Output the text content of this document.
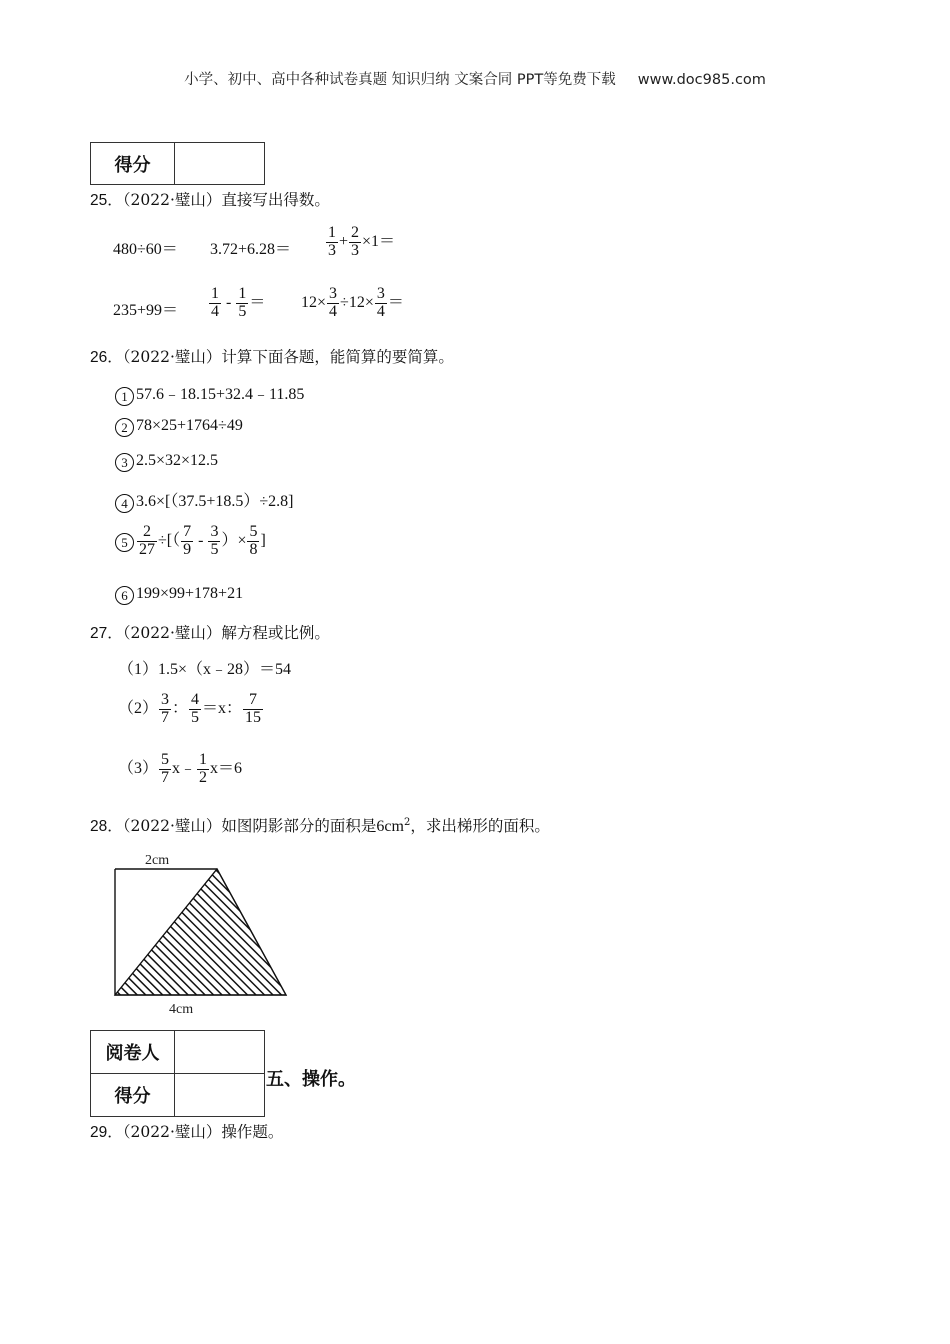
小学、初中、高中各种试卷真题 知识归纳 文案合同 PPT等免费下载 www.doc985.com
得分	
25．（2022·璧山）直接写出得数。
$480\div 60= 3.72+6.28= \frac{1}{3} + \frac{2}{3} \times 1=$
$235+99= \frac{1}{4} - \frac{1}{5} = 12\times \frac{3}{4} \div 12\times \frac{3}{4}$ ＝
26．（2022·璧山）计算下面各题，能简算的要简算。
1 57.6﹣18.15+32.4﹣11.85
2 78×25+1764÷49
3 2.5×32×12.5
4 3.6×[（37.5+18.5）÷2.8]
$5 \frac{2}{27}$ ÷[（ $\frac{7}{9} - \frac{3}{5}$ ）× $\frac{5}{8}$ ]
6 199×99+178+21
27．（2022·璧山）解方程或比例。
（1）1.5×（x﹣28）＝54
$(2) \frac{3}{7}$ ： $\frac{4}{5} =x$： $\frac{7}{15}$
$(3) \frac{5}{7}$ x﹣ $\frac{1}{2} x=6$
28．（2022·璧山）如图阴影部分的面积是$6cm^2$，求出梯形的面积。
2cm
4cm
阅卷人	
得分	
五、操作。
29．（2022·璧山）操作题。
